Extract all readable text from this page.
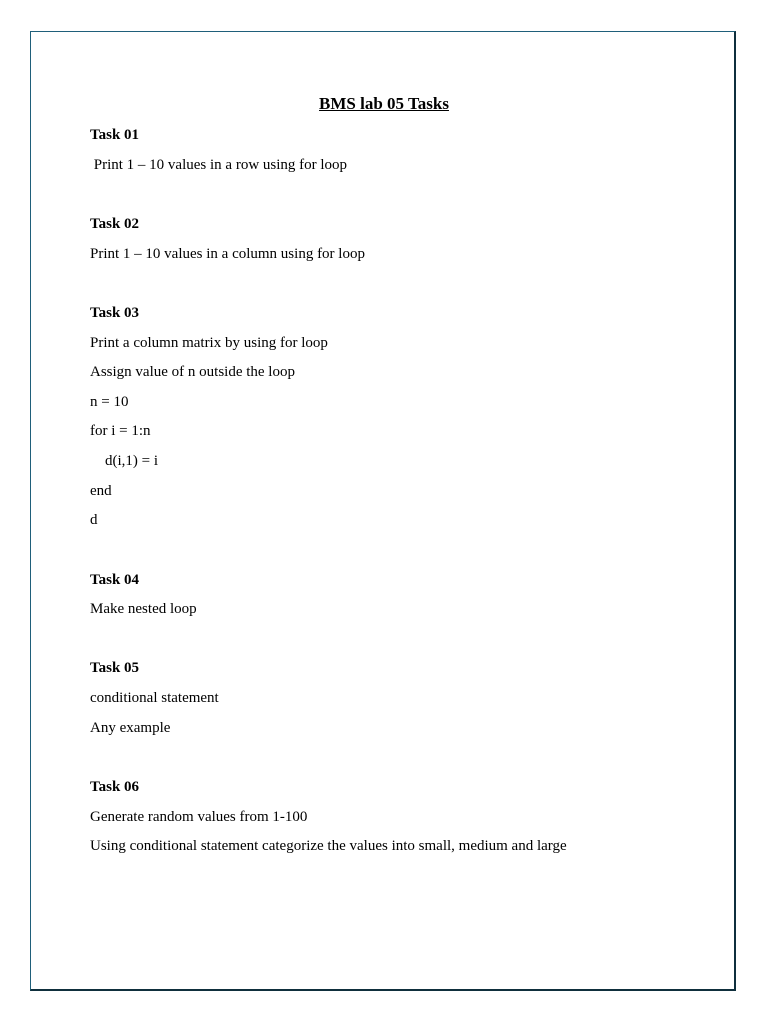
BMS lab 05 Tasks
Task 01
Print 1 – 10 values in a row using for loop
Task 02
Print 1 – 10 values in a column using for loop
Task 03
Print a column matrix by using for loop
Assign value of n outside the loop
n = 10
for i = 1:n
d(i,1) = i
end
d
Task 04
Make nested loop
Task 05
conditional statement
Any example
Task 06
Generate random values from 1-100
Using conditional statement categorize the values into small, medium and large
